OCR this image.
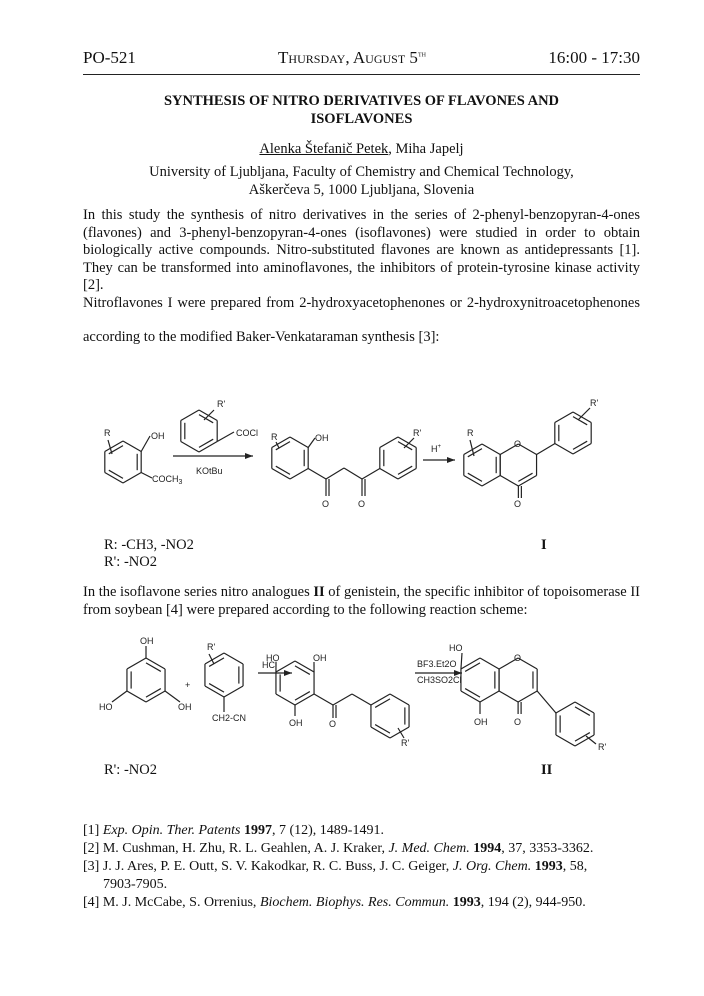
PO-521	Thursday, August 5th	16:00 - 17:30
SYNTHESIS OF NITRO DERIVATIVES OF FLAVONES AND
ISOFLAVONES
Alenka Štefanič Petek, Miha Japelj
University of Ljubljana, Faculty of Chemistry and Chemical Technology,
Aškerčeva 5, 1000 Ljubljana, Slovenia
In this study the synthesis of nitro derivatives in the series of 2-phenyl-benzopyran-4-ones
(flavones) and 3-phenyl-benzopyran-4-ones (isoflavones) were studied in order to obtain
biologically active compounds. Nitro-substituted flavones are known as antidepressants [1].
They can be transformed into aminoflavones, the inhibitors of protein-tyrosine kinase activity
[2].
Nitroflavones I were prepared from 2-hydroxyacetophenones or 2-hydroxynitroacetophenones
according to the modified Baker-Venkataraman synthesis [3]:
R	OH
$COCH_3$
R'
COCl
KOtBu
R	OH
O	O
R'
H+
R
O
O
R'
OH
HO	OH
+
R'
CH2-CN
HCl
HO	OH
OH	O
R'
BF3.Et2O
CH3SO2Cl
HO
O
OH	O
R'
R: -CH3, -NO2
R': -NO2
I
In the isoflavone series nitro analogues II of genistein, the specific inhibitor of topoisomerase II
from soybean [4] were prepared according to the following reaction scheme:
R': -NO2	II
[1] Exp. Opin. Ther. Patents 1997, 7 (12), 1489-1491.
[2] M. Cushman, H. Zhu, R. L. Geahlen, A. J. Kraker, J. Med. Chem. 1994, 37, 3353-3362.
[3] J. J. Ares, P. E. Outt, S. V. Kakodkar, R. C. Buss, J. C. Geiger, J. Org. Chem. 1993, 58,
7903-7905.
[4] M. J. McCabe, S. Orrenius, Biochem. Biophys. Res. Commun. 1993, 194 (2), 944-950.
